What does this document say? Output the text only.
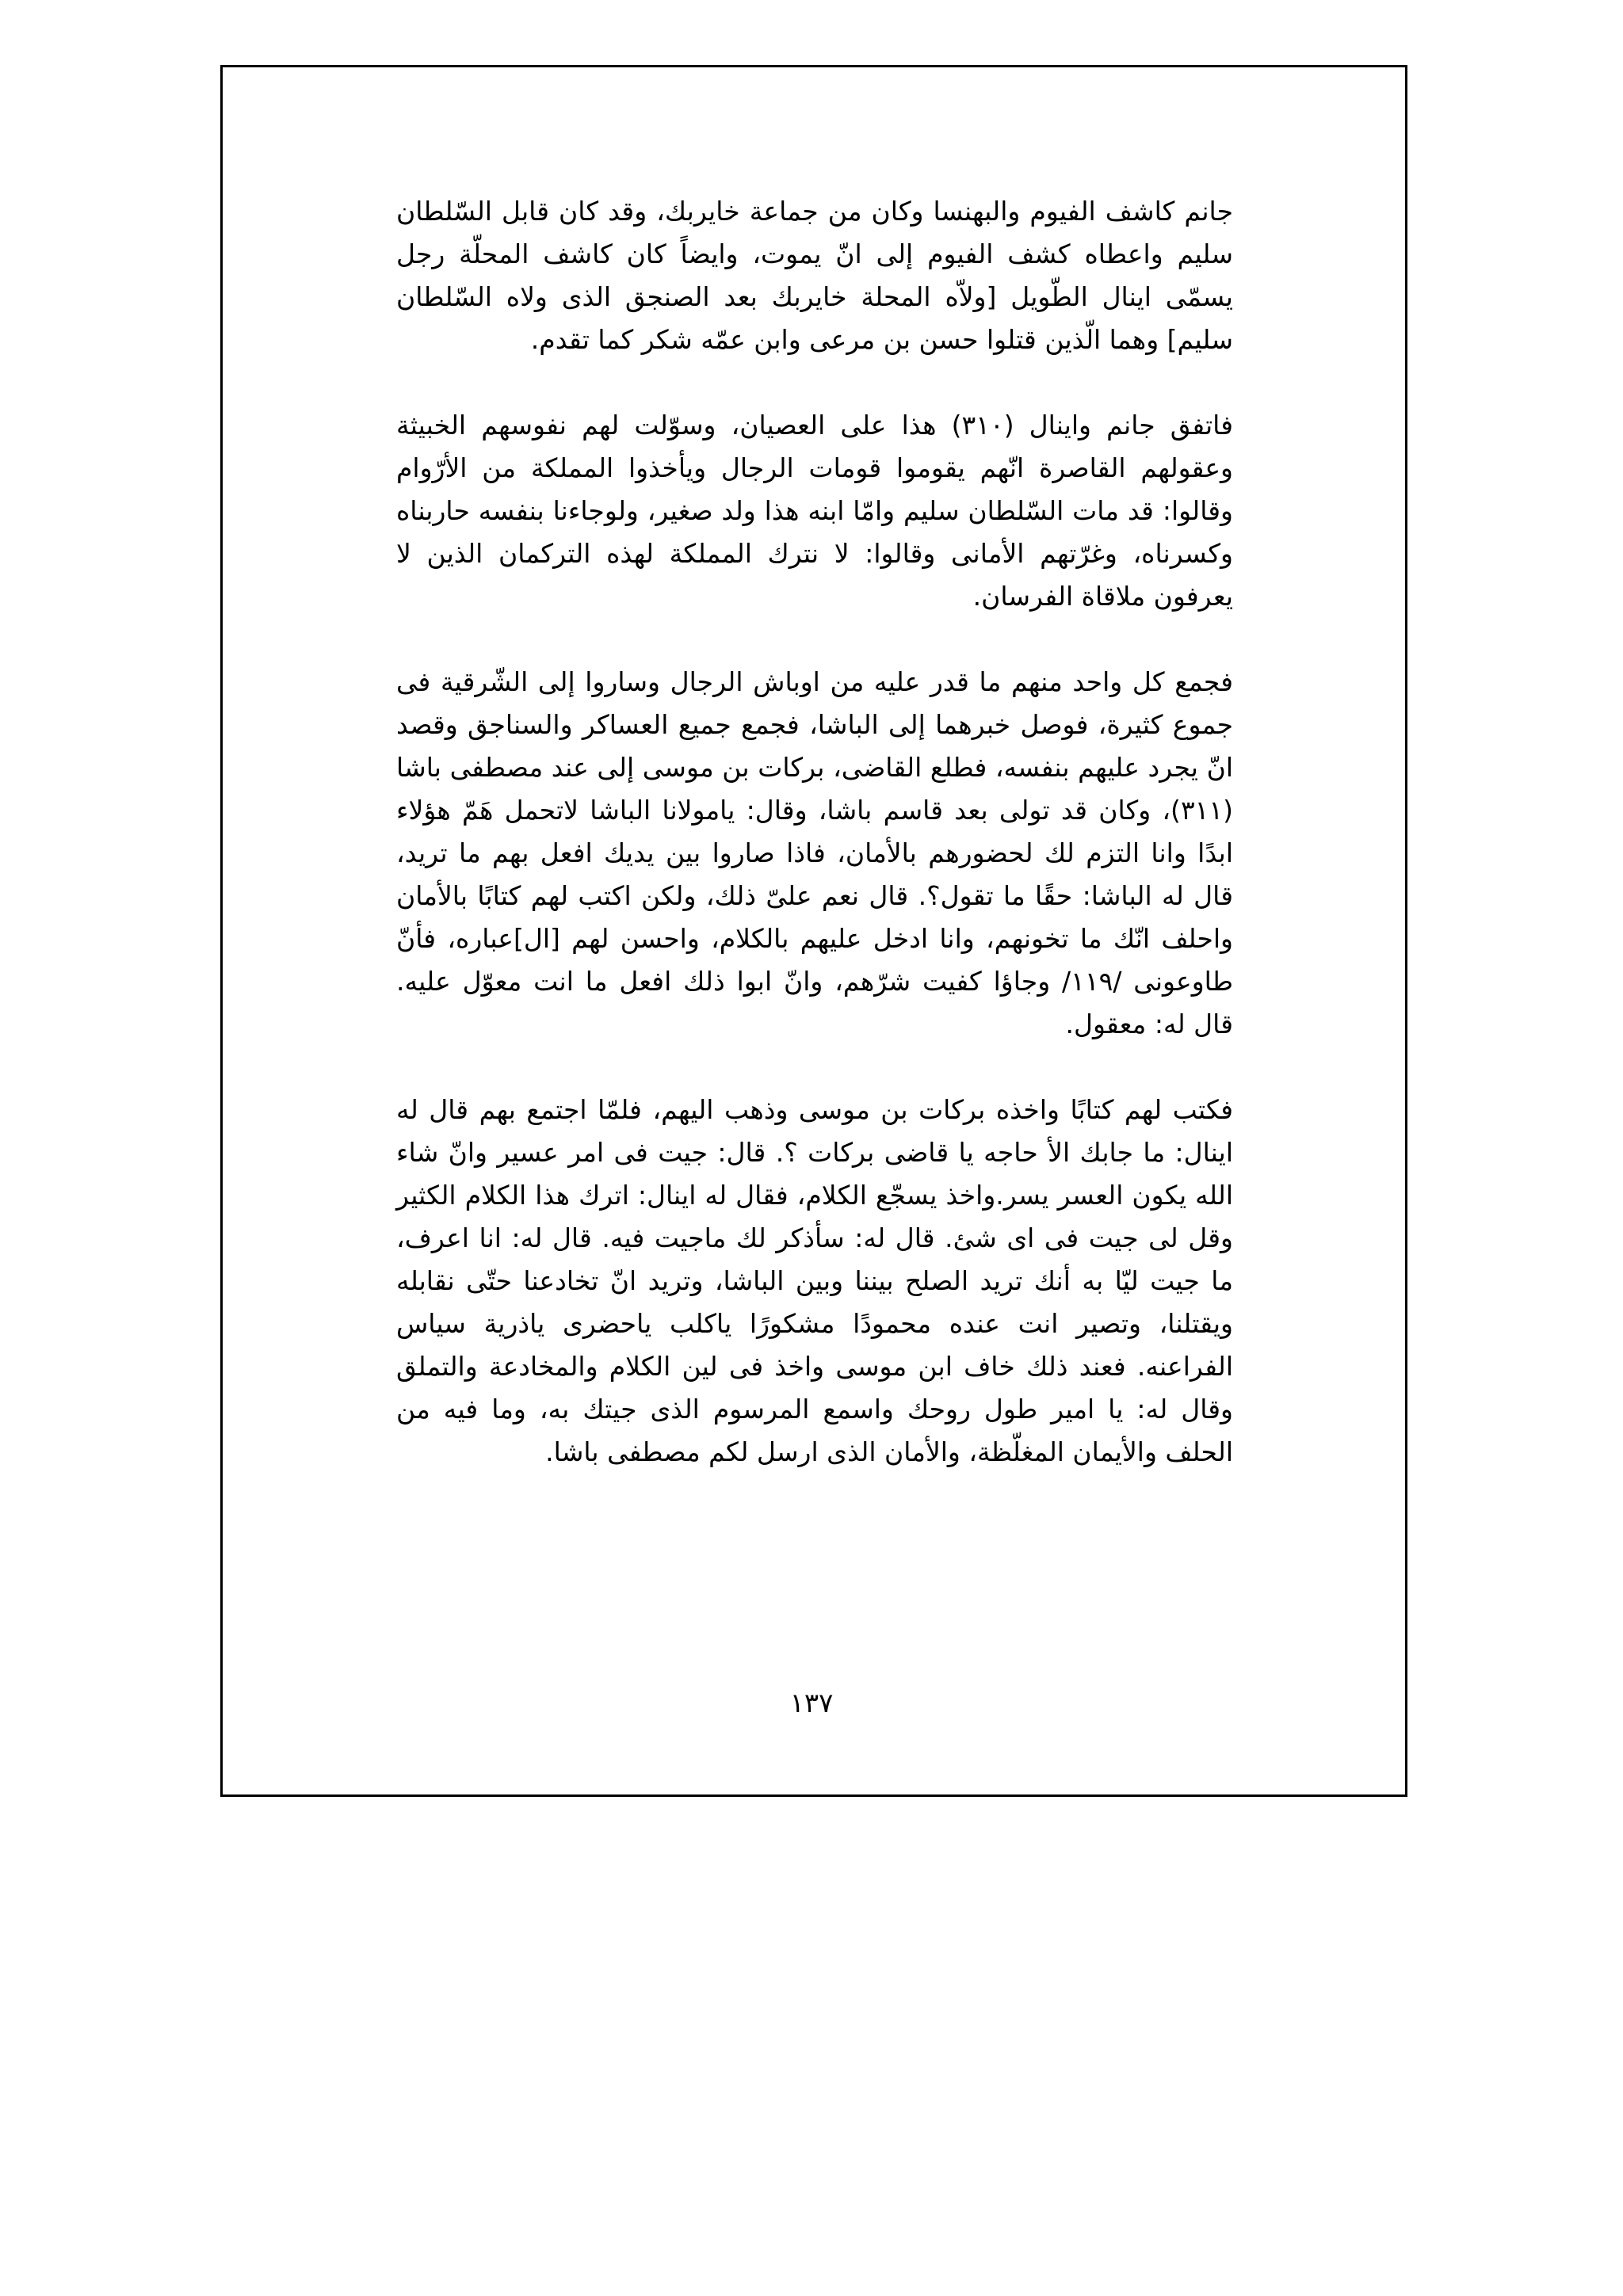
جانم كاشف الفيوم والبهنسا وكان من جماعة خايربك، وقد كان قابل السّلطان سليم واعطاه كشف الفيوم إلى انّ يموت، وايضاً كان كاشف المحلّة رجل يسمّى اينال الطّويل [ولاّه المحلة خايربك بعد الصنجق الذى ولاه السّلطان سليم] وهما الّذين قتلوا حسن بن مرعى وابن عمّه شكر كما تقدم.

فاتفق جانم واينال (٣١٠) هذا على العصيان، وسوّلت لهم نفوسهم الخبيثة وعقولهم القاصرة انّهم يقوموا قومات الرجال ويأخذوا المملكة من الأرّوام وقالوا: قد مات السّلطان سليم وامّا ابنه هذا ولد صغير، ولوجاءنا بنفسه حاربناه وكسرناه، وغرّتهم الأمانى وقالوا: لا نترك المملكة لهذه التركمان الذين لا يعرفون ملاقاة الفرسان.

فجمع كل واحد منهم ما قدر عليه من اوباش الرجال وساروا إلى الشّرقية فى جموع كثيرة، فوصل خبرهما إلى الباشا، فجمع جميع العساكر والسناجق وقصد انّ يجرد عليهم بنفسه، فطلع القاضى، بركات بن موسى إلى عند مصطفى باشا (٣١١)، وكان قد تولى بعد قاسم باشا، وقال: يامولانا الباشا لاتحمل هَمّ هؤلاء ابدًا وانا التزم لك لحضورهم بالأمان، فاذا صاروا بين يديك افعل بهم ما تريد، قال له الباشا: حقًا ما تقول؟. قال نعم علىّ ذلك، ولكن اكتب لهم كتابًا بالأمان واحلف انّك ما تخونهم، وانا ادخل عليهم بالكلام، واحسن لهم [ال]عباره، فأنّ طاوعونى /١١٩/ وجاؤا كفيت شرّهم، وانّ ابوا ذلك افعل ما انت معوّل عليه. قال له: معقول.

فكتب لهم كتابًا واخذه بركات بن موسى وذهب اليهم، فلمّا اجتمع بهم قال له اينال: ما جابك الأ حاجه يا قاضى بركات ؟. قال: جيت فى امر عسير وانّ شاء الله يكون العسر يسر.واخذ يسجّع الكلام، فقال له اينال: اترك هذا الكلام الكثير وقل لى جيت فى اى شئ. قال له: سأذكر لك ماجيت فيه. قال له: انا اعرف، ما جيت ليّا به أنك تريد الصلح بيننا وبين الباشا، وتريد انّ تخادعنا حتّى نقابله ويقتلنا، وتصير انت عنده محمودًا مشكورًا ياكلب ياحضرى ياذرية سياس الفراعنه. فعند ذلك خاف ابن موسى واخذ فى لين الكلام والمخادعة والتملق وقال له: يا امير طول روحك واسمع المرسوم الذى جيتك به، وما فيه من الحلف والأيمان المغلّظة، والأمان الذى ارسل لكم مصطفى باشا.

١٣٧
